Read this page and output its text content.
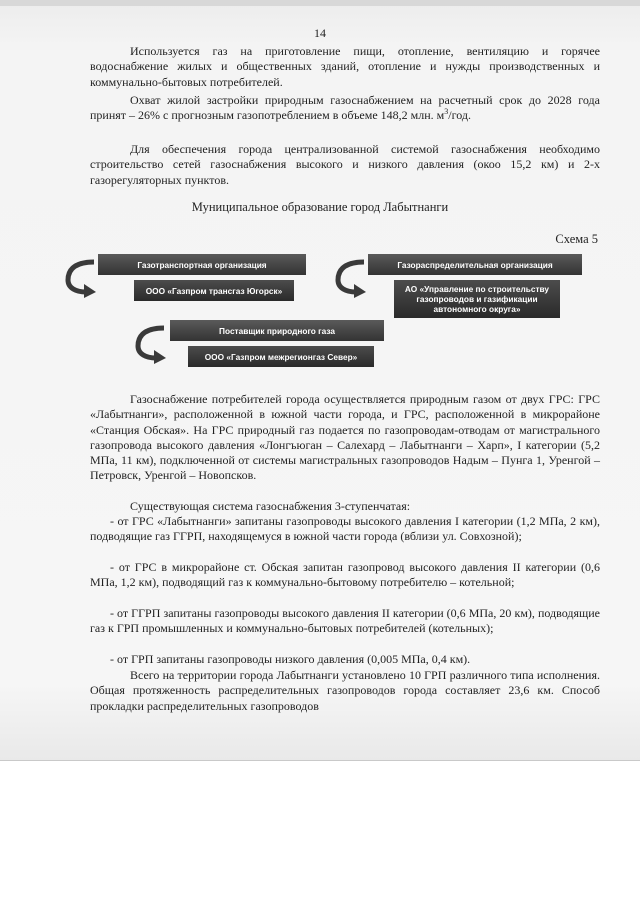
14

Используется газ на приготовление пищи, отопление, вентиляцию и горячее водоснабжение жилых и общественных зданий, отопление и нужды производственных и коммунально-бытовых потребителей.

Охват жилой застройки природным газоснабжением на расчетный срок до 2028 года принят – 26% с прогнозным газопотреблением в объеме 148,2 млн. $м^3$/год.

Для обеспечения города централизованной системой газоснабжения необходимо строительство сетей газоснабжения высокого и низкого давления (окоо 15,2 км) и 2-х газорегуляторных пунктов.

Муниципальное образование город Лабытнанги
Схема 5
Газотранспортная организация
ООО «Газпром трансгаз Югорск»
Газораспределительная организация
АО «Управление по строительству газопроводов и газификации автономного округа»
Поставщик природного газа
ООО «Газпром межрегионгаз Север»

Газоснабжение потребителей города осуществляется природным газом от двух ГРС: ГРС «Лабытнанги», расположенной в южной части города, и ГРС, расположенной в микрорайоне «Станция Обская». На ГРС природный газ подается по газопроводам-отводам от магистрального газопровода высокого давления «Лонгъюган – Салехард – Лабытнанги – Харп», I категории (5,2 МПа, 11 км), подключенной от системы магистральных газопроводов Надым – Пунга 1, Уренгой – Петровск, Уренгой – Новопсков.

Существующая система газоснабжения 3-ступенчатая:

- от ГРС «Лабытнанги» запитаны газопроводы высокого давления I категории (1,2 МПа, 2 км), подводящие газ ГГРП, находящемуся в южной части города (вблизи ул. Совхозной);

- от ГРС в микрорайоне ст. Обская запитан газопровод высокого давления II категории (0,6 МПа, 1,2 км), подводящий газ к коммунально-бытовому потребителю – котельной;

- от ГГРП запитаны газопроводы высокого давления II категории (0,6 МПа, 20 км), подводящие газ к ГРП промышленных и коммунально-бытовых потребителей (котельных);

- от ГРП запитаны газопроводы низкого давления (0,005 МПа, 0,4 км).

Всего на территории города Лабытнанги установлено 10 ГРП различного типа исполнения. Общая протяженность распределительных газопроводов города составляет 23,6 км. Способ прокладки распределительных газопроводов
